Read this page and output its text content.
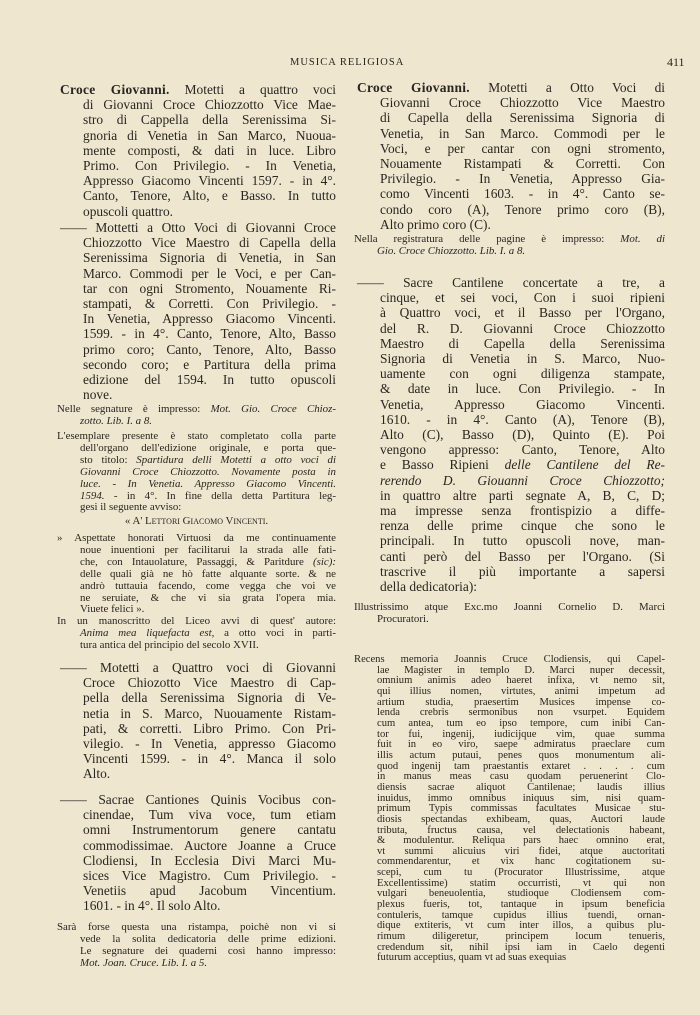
MUSICA RELIGIOSA	411
Croce Giovanni. Motetti a quattro voci
di Giovanni Croce Chiozzotto Vice Mae-
stro di Cappella della Serenissima Si-
gnoria di Venetia in San Marco, Nuoua-
mente composti, & dati in luce. Libro
Primo. Con Privilegio. - In Venetia,
Appresso Giacomo Vincenti 1597. - in 4°.
Canto, Tenore, Alto, e Basso. In tutto
opuscoli quattro.
—— Mottetti a Otto Voci di Giovanni Croce
Chiozzotto Vice Maestro di Capella della
Serenissima Signoria di Venetia, in San
Marco. Commodi per le Voci, e per Can-
tar con ogni Stromento, Nouamente Ri-
stampati, & Corretti. Con Privilegio. -
In Venetia, Appresso Giacomo Vincenti.
1599. - in 4°. Canto, Tenore, Alto, Basso
primo coro; Canto, Tenore, Alto, Basso
secondo coro; e Partitura della prima
edizione del 1594. In tutto opuscoli
nove.
Nelle segnature è impresso: Mot. Gio. Croce Chioz-
zotto. Lib. I. a 8.
L'esemplare presente è stato completato colla parte
dell'organo dell'edizione originale, e porta que-
sto titolo: Spartidura delli Motetti a otto voci di
Giovanni Croce Chiozzotto. Novamente posta in
luce. - In Venetia. Appresso Giacomo Vincenti.
1594. - in 4°. In fine della detta Partitura leg-
gesi il seguente avviso:
« A' Lettori Giacomo Vincenti.
» Aspettate honorati Virtuosi da me continuamente
noue inuentioni per facilitarui la strada alle fati-
che, con Intauolature, Passaggi, & Paritdure (sic):
delle quali già ne hò fatte alquante sorte. & ne
andrò tuttauia facendo, come vegga che voi ve
ne seruiate, & che vi sia grata l'opera mia.
Viuete felici ».
In un manoscritto del Liceo avvi di quest' autore:
Anima mea liquefacta est, a otto voci in parti-
tura antica del principio del secolo XVII.
—— Motetti a Quattro voci di Giovanni
Croce Chiozotto Vice Maestro di Cap-
pella della Serenissima Signoria di Ve-
netia in S. Marco, Nuouamente Ristam-
pati, & corretti. Libro Primo. Con Pri-
vilegio. - In Venetia, appresso Giacomo
Vincenti 1599. - in 4°. Manca il solo
Alto.
—— Sacrae Cantiones Quinis Vocibus con-
cinendae, Tum viva voce, tum etiam
omni Instrumentorum genere cantatu
commodissimae. Auctore Joanne a Cruce
Clodiensi, In Ecclesia Divi Marci Mu-
sices Vice Magistro. Cum Privilegio. -
Venetiis apud Jacobum Vincentium.
1601. - in 4°. Il solo Alto.
Sarà forse questa una ristampa, poichè non vi si
vede la solita dedicatoria delle prime edizioni.
Le segnature dei quaderni così hanno impresso:
Mot. Joan. Cruce. Lib. I. a 5.
Croce Giovanni. Motetti a Otto Voci di
Giovanni Croce Chiozzotto Vice Maestro
di Capella della Serenissima Signoria di
Venetia, in San Marco. Commodi per le
Voci, e per cantar con ogni stromento,
Nouamente Ristampati & Corretti. Con
Privilegio. - In Venetia, Appresso Gia-
como Vincenti 1603. - in 4°. Canto se-
condo coro (A), Tenore primo coro (B),
Alto primo coro (C).
Nella registratura delle pagine è impresso: Mot. di
Gio. Croce Chiozzotto. Lib. I. a 8.
—— Sacre Cantilene concertate a tre, a
cinque, et sei voci, Con i suoi ripieni
à Quattro voci, et il Basso per l'Organo,
del R. D. Giovanni Croce Chiozzotto
Maestro di Capella della Serenissima
Signoria di Venetia in S. Marco, Nuo-
uamente con ogni diligenza stampate,
& date in luce. Con Privilegio. - In
Venetia, Appresso Giacomo Vincenti.
1610. - in 4°. Canto (A), Tenore (B),
Alto (C), Basso (D), Quinto (E). Poi
vengono appresso: Canto, Tenore, Alto
e Basso Ripieni delle Cantilene del Re-
rerendo D. Giouanni Croce Chiozzotto;
in quattro altre parti segnate A, B, C, D;
ma impresse senza frontispizio a diffe-
renza delle prime cinque che sono le
principali. In tutto opuscoli nove, man-
canti però del Basso per l'Organo. (Si
trascrive il più importante a sapersi
della dedicatoria):
Illustrissimo atque Exc.mo Joanni Cornelio D. Marci
Procuratori.
Recens memoria Joannis Cruce Clodiensis, qui Capel-
lae Magister in templo D. Marci nuper decessit,
omnium animis adeo haeret infixa, vt nemo sit,
qui illius nomen, virtutes, animi impetum ad
artium studia, praesertim Musices impense co-
lenda crebris sermonibus non vsurpet. Equidem
cum antea, tum eo ipso tempore, cum inibi Can-
tor fui, ingenij, iudicijque vim, quae summa
fuit in eo viro, saepe admiratus praeclare cum
illis actum putaui, penes quos monumentum ali-
quod ingenij tam praestantis extaret . . . . cum
in manus meas casu quodam peruenerint Clo-
diensis sacrae aliquot Cantilenae; laudis illius
inuidus, immo omnibus iniquus sim, nisi quam-
primum Typis commissas facultates Musicae stu-
diosis spectandas exhibeam, quas, Auctori laude
tributa, fructus causa, vel delectationis habeant,
& modulentur. Reliqua pars haec omnino erat,
vt summi alicuius viri fidei, atque auctoritati
commendarentur, et vix hanc cogitationem su-
scepi, cum tu (Procurator Illustrissime, atque
Excellentissime) statim occurristi, vt qui non
vulgari beneuolentia, studioque Clodiensem com-
plexus fueris, tot, tantaque in ipsum beneficia
contuleris, tamque cupidus illius tuendi, ornan-
dique extiteris, vt cum inter illos, a quibus plu-
rimum diligeretur, principem locum tenueris,
credendum sit, nihil ipsi iam in Caelo degenti
futurum acceptius, quam vt ad suas exequias
